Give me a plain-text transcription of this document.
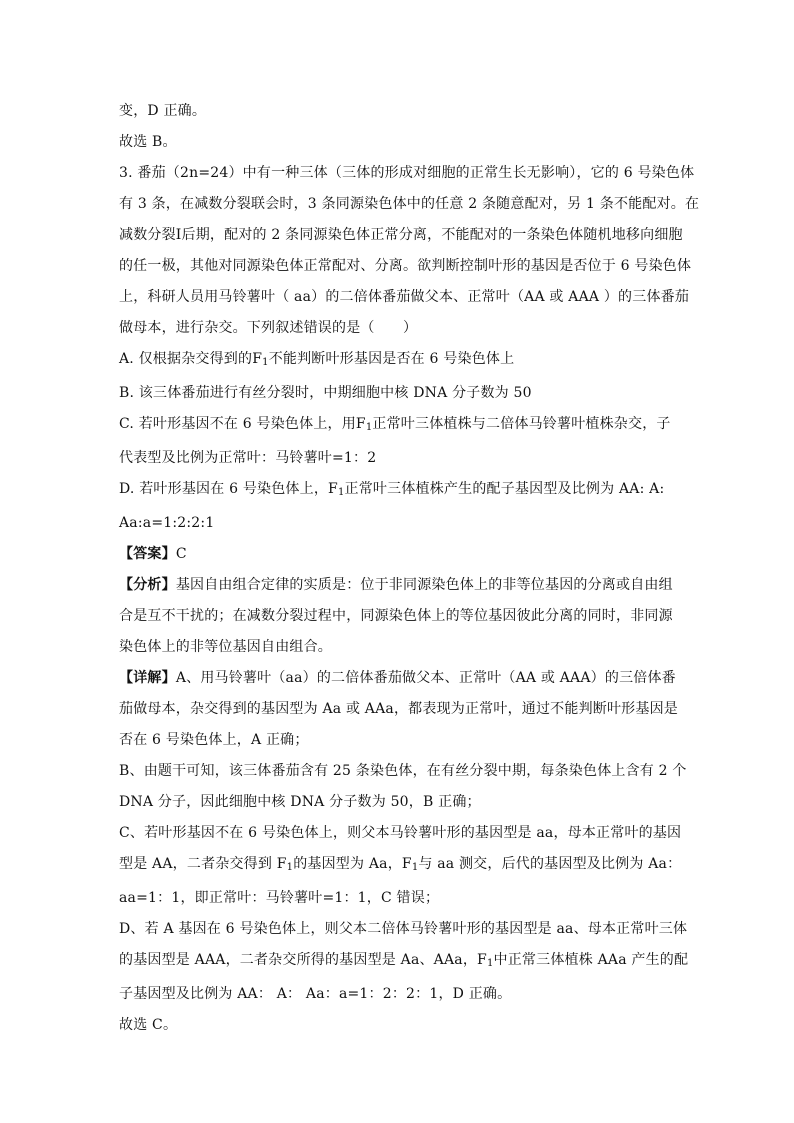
变，D 正确。
故选 B。
3. 番茄（2n=24）中有一种三体（三体的形成对细胞的正常生长无影响），它的 6 号染色体
有 3 条，在减数分裂联会时，3 条同源染色体中的任意 2 条随意配对，另 1 条不能配对。在
减数分裂Ⅰ后期，配对的 2 条同源染色体正常分离，不能配对的一条染色体随机地移向细胞
的任一极，其他对同源染色体正常配对、分离。欲判断控制叶形的基因是否位于 6 号染色体
上，科研人员用马铃薯叶（ aa）的二倍体番茄做父本、正常叶（AA 或 AAA ）的三体番茄
做母本，进行杂交。下列叙述错误的是（　　）
A. 仅根据杂交得到的$F_1$不能判断叶形基因是否在 6 号染色体上
B. 该三体番茄进行有丝分裂时，中期细胞中核 DNA 分子数为 50
C. 若叶形基因不在 6 号染色体上，用$F_1$正常叶三体植株与二倍体马铃薯叶植株杂交，子
代表型及比例为正常叶：马铃薯叶=1：2
D. 若叶形基因在 6 号染色体上，$F_1$正常叶三体植株产生的配子基因型及比例为 AA: A:
Aa:a=1:2:2:1
【答案】C
【分析】基因自由组合定律的实质是：位于非同源染色体上的非等位基因的分离或自由组
合是互不干扰的；在减数分裂过程中，同源染色体上的等位基因彼此分离的同时，非同源
染色体上的非等位基因自由组合。
【详解】A、用马铃薯叶（aa）的二倍体番茄做父本、正常叶（AA 或 AAA）的三倍体番
茄做母本，杂交得到的基因型为 Aa 或 AAa，都表现为正常叶，通过不能判断叶形基因是
否在 6 号染色体上，A 正确；
B、由题干可知，该三体番茄含有 25 条染色体，在有丝分裂中期，每条染色体上含有 2 个
DNA 分子，因此细胞中核 DNA 分子数为 50，B 正确；
C、若叶形基因不在 6 号染色体上，则父本马铃薯叶形的基因型是 aa，母本正常叶的基因
型是 AA，二者杂交得到 $F_1$的基因型为 Aa，$F_1$与 aa 测交，后代的基因型及比例为 Aa：
aa=1：1，即正常叶：马铃薯叶=1：1，C 错误；
D、若 A 基因在 6 号染色体上，则父本二倍体马铃薯叶形的基因型是 aa、母本正常叶三体
的基因型是 AAA，二者杂交所得的基因型是 Aa、AAa，$F_1$中正常三体植株 AAa 产生的配
子基因型及比例为 AA： A： Aa：a=1：2：2：1，D 正确。
故选 C。
